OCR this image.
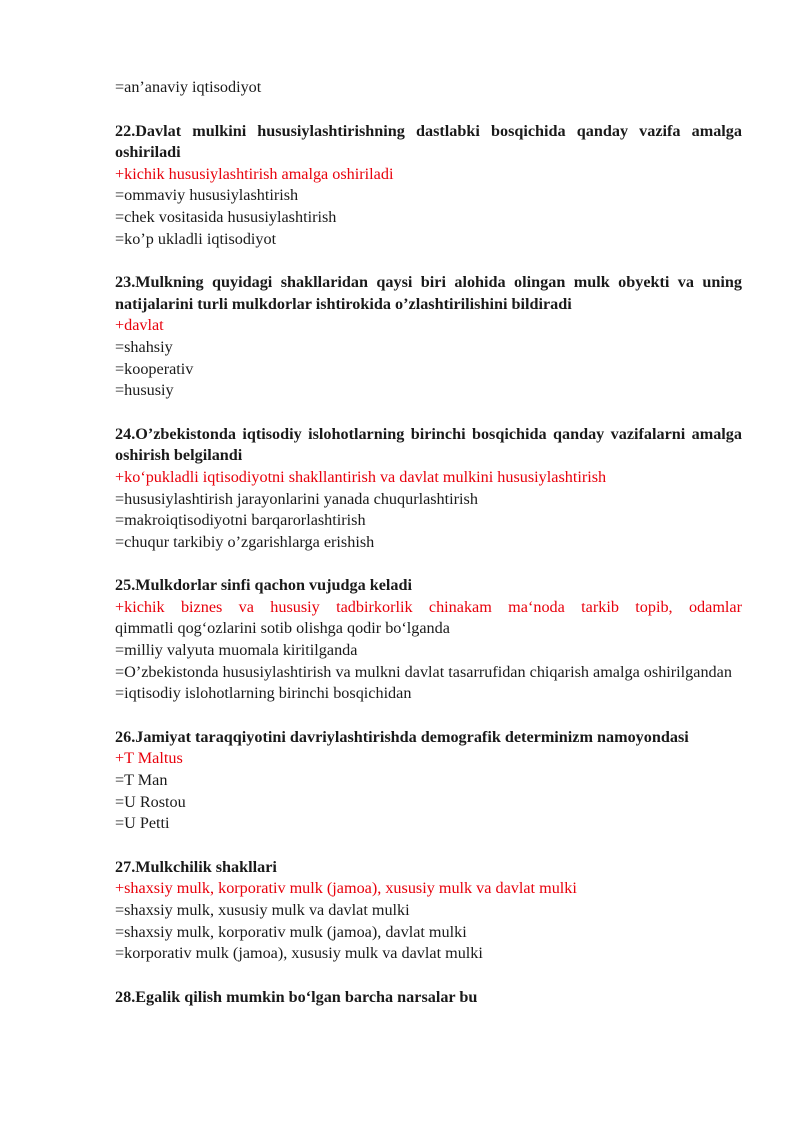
=an’anaviy iqtisodiyot

22.Davlat mulkini hususiylashtirishning dastlabki bosqichida qanday vazifa amalga oshiriladi

+kichik hususiylashtirish amalga oshiriladi

=ommaviy hususiylashtirish

=chek vositasida hususiylashtirish

=ko’p ukladli iqtisodiyot

23.Mulkning quyidagi shakllaridan qaysi biri alohida olingan mulk obyekti va uning natijalarini turli mulkdorlar ishtirokida o’zlashtirilishini bildiradi

+davlat

=shahsiy

=kooperativ

=hususiy

24.O’zbekistonda iqtisodiy islohotlarning birinchi bosqichida qanday vazifalarni amalga oshirish belgilandi

+ko‘pukladli iqtisodiyotni shakllantirish va davlat mulkini hususiylashtirish

=hususiylashtirish jarayonlarini yanada chuqurlashtirish

=makroiqtisodiyotni barqarorlashtirish

=chuqur tarkibiy o’zgarishlarga erishish

25.Mulkdorlar sinfi qachon vujudga keladi

+kichik biznes va hususiy tadbirkorlik chinakam ma‘noda tarkib topib, odamlar

qimmatli qog‘ozlarini sotib olishga qodir bo‘lganda

=milliy valyuta muomala kiritilganda

=O’zbekistonda hususiylashtirish va mulkni davlat tasarrufidan chiqarish amalga oshirilgandan

=iqtisodiy islohotlarning birinchi bosqichidan

26.Jamiyat taraqqiyotini davriylashtirishda demografik determinizm namoyondasi

+T Maltus

=T Man

=U Rostou

=U Petti

27.Mulkchilik shakllari

+shaxsiy mulk, korporativ mulk (jamoa), xususiy mulk va davlat mulki

=shaxsiy mulk, xususiy mulk va davlat mulki

=shaxsiy mulk, korporativ mulk (jamoa), davlat mulki

=korporativ mulk (jamoa), xususiy mulk va davlat mulki

28.Egalik qilish mumkin bo‘lgan barcha narsalar bu
